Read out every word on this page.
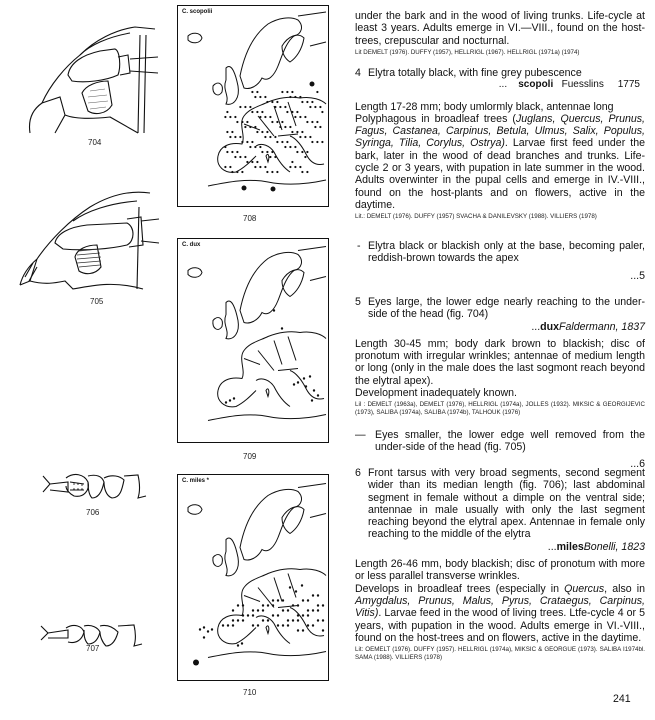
704
705
706
707
C. scopolii
708
C. dux
709
C. miles *
710
under the bark and in the wood of living trunks. Life-cycle at least 3 years. Adults emerge in VI.—VIII., found on the host-trees, crepuscular and nocturnal.
Lit DEMELT (1976). DUFFY (1957), HELLRIGL (1967). HELLRIGL (1971a) (1974)
4 Elytra totally black, with fine grey pubescence
... scopoli Fuesslins 1775
Length 17-28 mm; body umlormly black, antennae long
Polyphagous in broadleaf trees (Juglans, Quercus, Prunus, Fagus, Castanea, Carpinus, Betula, Ulmus, Salix, Populus, Syringa, Tilia, Corylus, Ostrya). Larvae first feed under the bark, later in the wood of dead branches and trunks. Life-cycle 2 or 3 years, with pupation in late summer in the wood. Adults overwinter in the pupal cells and emerge in IV.-VIII., found on the host-plants and on flowers, active in the daytime.
Lit.: DEMELT (1976). DUFFY (1957) SVACHA & DANILEVSKY (1988). VILLIERS (1978)
- Elytra black or blackish only at the base, becoming paler, reddish-brown towards the apex
...5
5 Eyes large, the lower edge nearly reaching to the under-side of the head (fig. 704)
...duxFaldermann, 1837
Length 30-45 mm; body dark brown to blackish; disc of pronotum with irregular wrinkles; antennae of medium length or long (only in the male does the last sogmont reach beyond the elytral apex).
Development inadequately known.
Lil : DEMELT (1963a), DEMELT (1976), HELLRIGL (1974a), JOLLES (1932). MIKSIC & GEORGIJEVIC (1973), SALIBA (1974a), SALIBA (1974b), TALHOUK (1976)
— Eyes smaller, the lower edge well removed from the under-side of the head (fig. 705)
...6
6 Front tarsus with very broad segments, second segment wider than its median length (fig. 706); last abdominal segment in female without a dimple on the ventral side; antennae in male usually with only the last segment reaching beyond the elytral apex. Antennae in female only reaching to the middle of the elytra
...milesBonelli, 1823
Length 26-46 mm, body blackish; disc of pronotum with more or less parallel transverse wrinkles.
Develops in broadleaf trees (especially in Quercus, also in Amygdalus, Prunus, Malus, Pyrus, Crataegus, Carpinus, Vitis). Larvae feed in the wood of living trees. Ltfe-cycle 4 or 5 years, with pupation in the wood. Adults emerge in VI.-VIII., found on the host-trees and on flowers, active in the daytime.
Lit: OEMELT (1976). DUFFY (1957). HELLRIGL (1974a), MIKSIC & GEORGUE (1973). SALIBA I1974bl. SAMA (1988). VILLIERS (1978)
241
